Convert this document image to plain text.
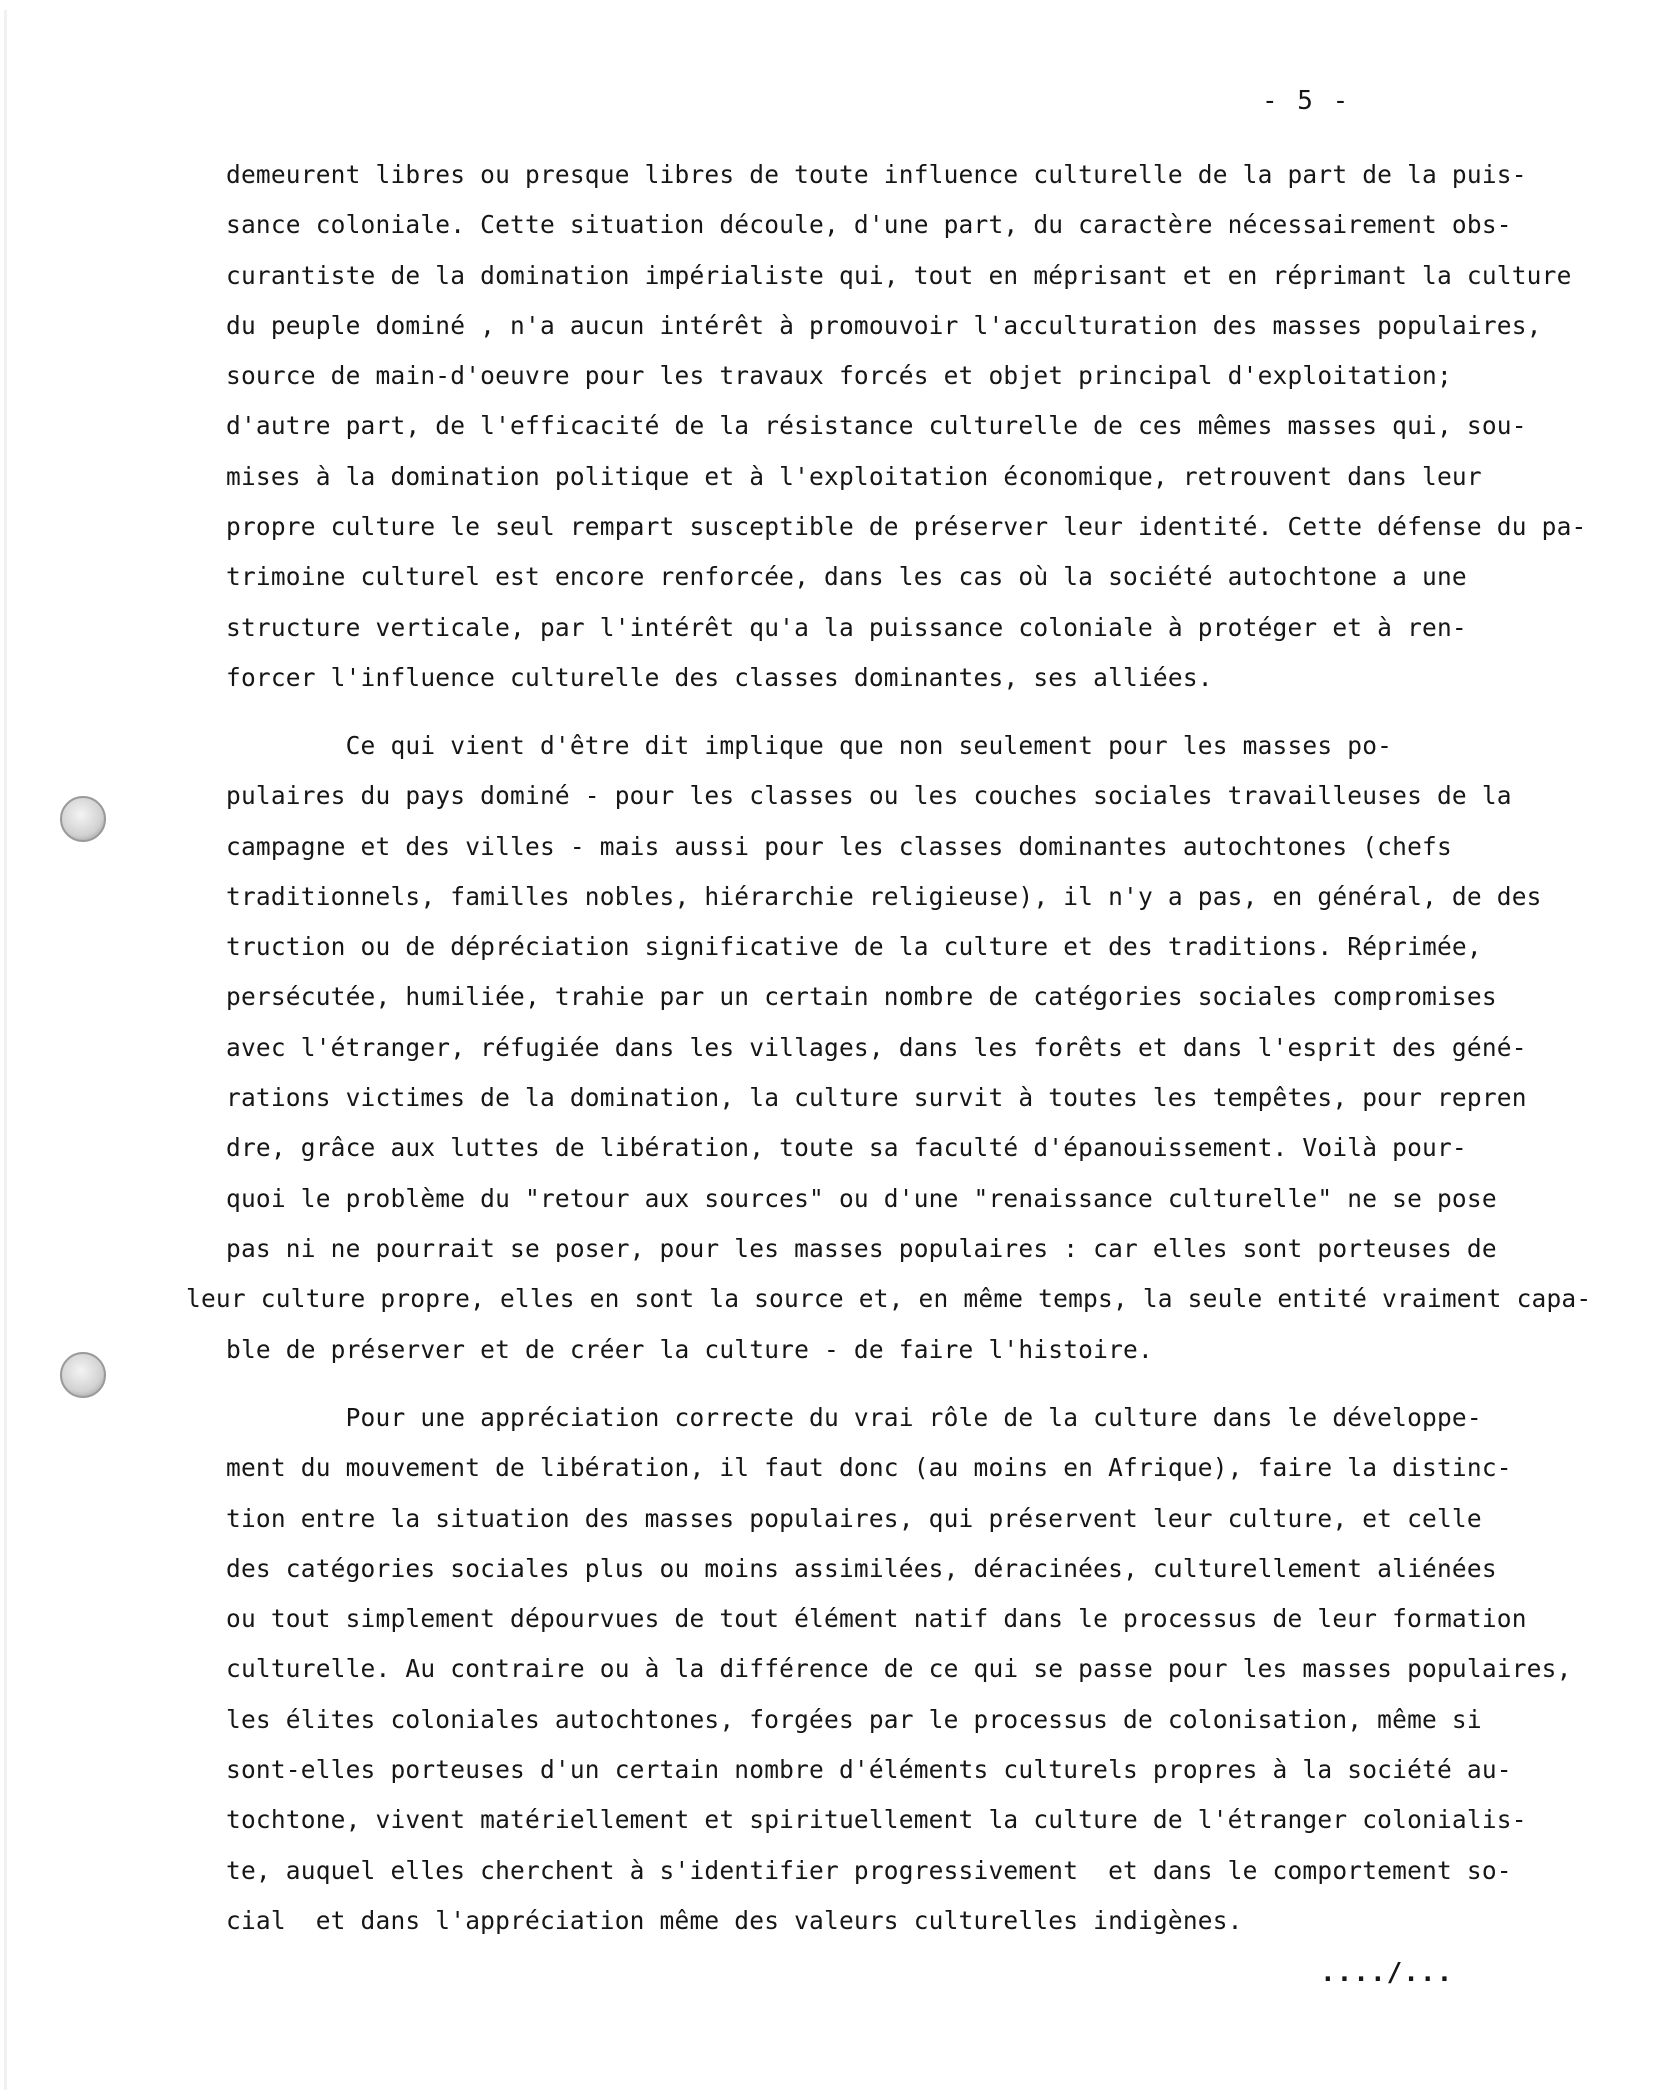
- 5 -
demeurent libres ou presque libres de toute influence culturelle de la part de la puis-
sance coloniale. Cette situation découle, d'une part, du caractère nécessairement obs-
curantiste de la domination impérialiste qui, tout en méprisant et en réprimant la culture
du peuple dominé , n'a aucun intérêt à promouvoir l'acculturation des masses populaires,
source de main-d'oeuvre pour les travaux forcés et objet principal d'exploitation;
d'autre part, de l'efficacité de la résistance culturelle de ces mêmes masses qui, sou-
mises à la domination politique et à l'exploitation économique, retrouvent dans leur
propre culture le seul rempart susceptible de préserver leur identité. Cette défense du pa-
trimoine culturel est encore renforcée, dans les cas où la société autochtone a une
structure verticale, par l'intérêt qu'a la puissance coloniale à protéger et à ren-
forcer l'influence culturelle des classes dominantes, ses alliées.
Ce qui vient d'être dit implique que non seulement pour les masses po-
pulaires du pays dominé - pour les classes ou les couches sociales travailleuses de la
campagne et des villes - mais aussi pour les classes dominantes autochtones (chefs
traditionnels, familles nobles, hiérarchie religieuse), il n'y a pas, en général, de des
truction ou de dépréciation significative de la culture et des traditions. Réprimée,
persécutée, humiliée, trahie par un certain nombre de catégories sociales compromises
avec l'étranger, réfugiée dans les villages, dans les forêts et dans l'esprit des géné-
rations victimes de la domination, la culture survit à toutes les tempêtes, pour repren
dre, grâce aux luttes de libération, toute sa faculté d'épanouissement. Voilà pour-
quoi le problème du "retour aux sources" ou d'une "renaissance culturelle" ne se pose
pas ni ne pourrait se poser, pour les masses populaires : car elles sont porteuses de
leur culture propre, elles en sont la source et, en même temps, la seule entité vraiment capa-
ble de préserver et de créer la culture - de faire l'histoire.
Pour une appréciation correcte du vrai rôle de la culture dans le développe-
ment du mouvement de libération, il faut donc (au moins en Afrique), faire la distinc-
tion entre la situation des masses populaires, qui préservent leur culture, et celle
des catégories sociales plus ou moins assimilées, déracinées, culturellement aliénées
ou tout simplement dépourvues de tout élément natif dans le processus de leur formation
culturelle. Au contraire ou à la différence de ce qui se passe pour les masses populaires,
les élites coloniales autochtones, forgées par le processus de colonisation, même si
sont-elles porteuses d'un certain nombre d'éléments culturels propres à la société au-
tochtone, vivent matériellement et spirituellement la culture de l'étranger colonialis-
te, auquel elles cherchent à s'identifier progressivement  et dans le comportement so-
cial  et dans l'appréciation même des valeurs culturelles indigènes.
..../...
